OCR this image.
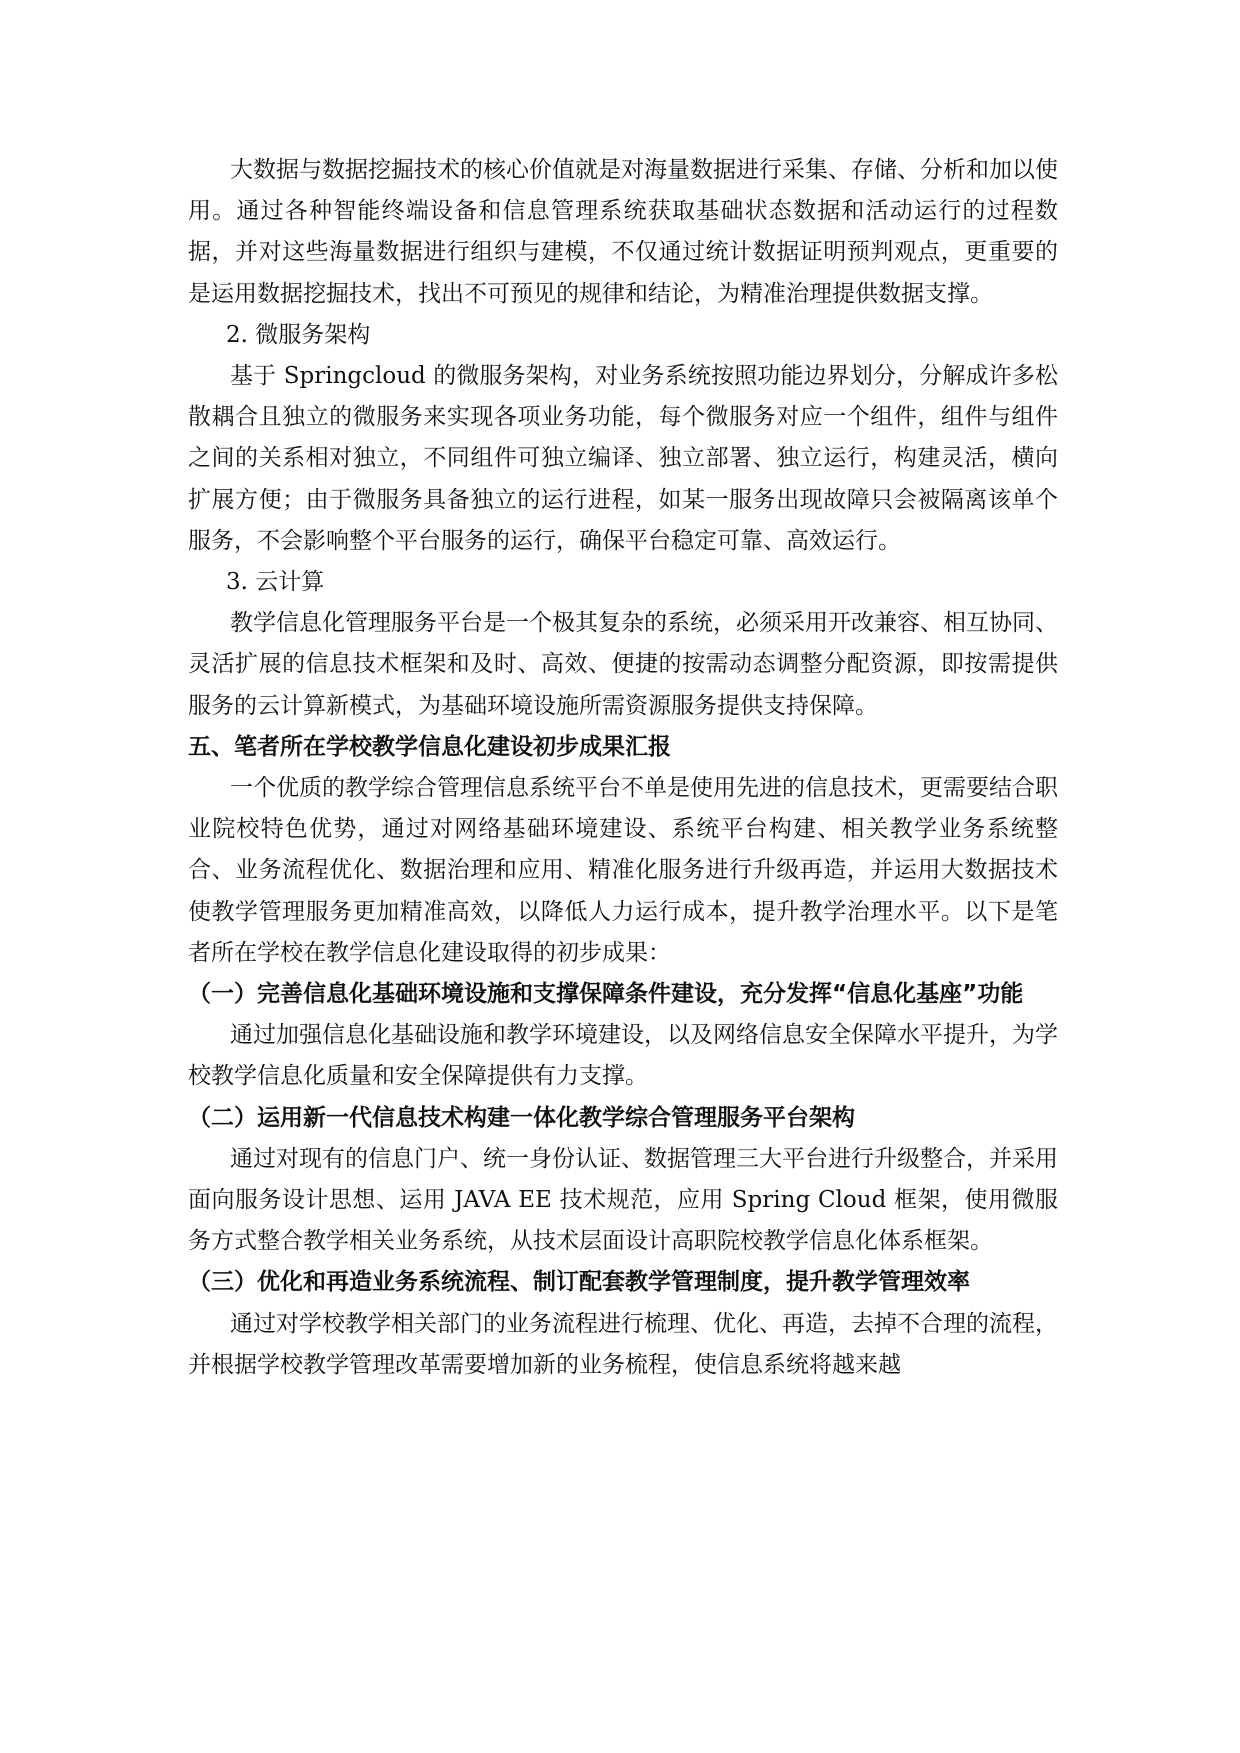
大数据与数据挖掘技术的核心价值就是对海量数据进行采集、存储、分析和加以使用。通过各种智能终端设备和信息管理系统获取基础状态数据和活动运行的过程数据，并对这些海量数据进行组织与建模，不仅通过统计数据证明预判观点，更重要的是运用数据挖掘技术，找出不可预见的规律和结论，为精准治理提供数据支撑。

2. 微服务架构

基于 Springcloud 的微服务架构，对业务系统按照功能边界划分，分解成许多松散耦合且独立的微服务来实现各项业务功能，每个微服务对应一个组件，组件与组件之间的关系相对独立，不同组件可独立编译、独立部署、独立运行，构建灵活，横向扩展方便；由于微服务具备独立的运行进程，如某一服务出现故障只会被隔离该单个服务，不会影响整个平台服务的运行，确保平台稳定可靠、高效运行。

3. 云计算

教学信息化管理服务平台是一个极其复杂的系统，必须采用开改兼容、相互协同、灵活扩展的信息技术框架和及时、高效、便捷的按需动态调整分配资源，即按需提供服务的云计算新模式，为基础环境设施所需资源服务提供支持保障。

五、笔者所在学校教学信息化建设初步成果汇报

一个优质的教学综合管理信息系统平台不单是使用先进的信息技术，更需要结合职业院校特色优势，通过对网络基础环境建设、系统平台构建、相关教学业务系统整合、业务流程优化、数据治理和应用、精准化服务进行升级再造，并运用大数据技术使教学管理服务更加精准高效，以降低人力运行成本，提升教学治理水平。以下是笔者所在学校在教学信息化建设取得的初步成果：

（一）完善信息化基础环境设施和支撑保障条件建设，充分发挥“信息化基座”功能

通过加强信息化基础设施和教学环境建设，以及网络信息安全保障水平提升，为学校教学信息化质量和安全保障提供有力支撑。

（二）运用新一代信息技术构建一体化教学综合管理服务平台架构

通过对现有的信息门户、统一身份认证、数据管理三大平台进行升级整合，并采用面向服务设计思想、运用 JAVA EE 技术规范，应用 Spring Cloud 框架，使用微服务方式整合教学相关业务系统，从技术层面设计高职院校教学信息化体系框架。

（三）优化和再造业务系统流程、制订配套教学管理制度，提升教学管理效率

通过对学校教学相关部门的业务流程进行梳理、优化、再造，去掉不合理的流程，并根据学校教学管理改革需要增加新的业务梳程，使信息系统将越来越
